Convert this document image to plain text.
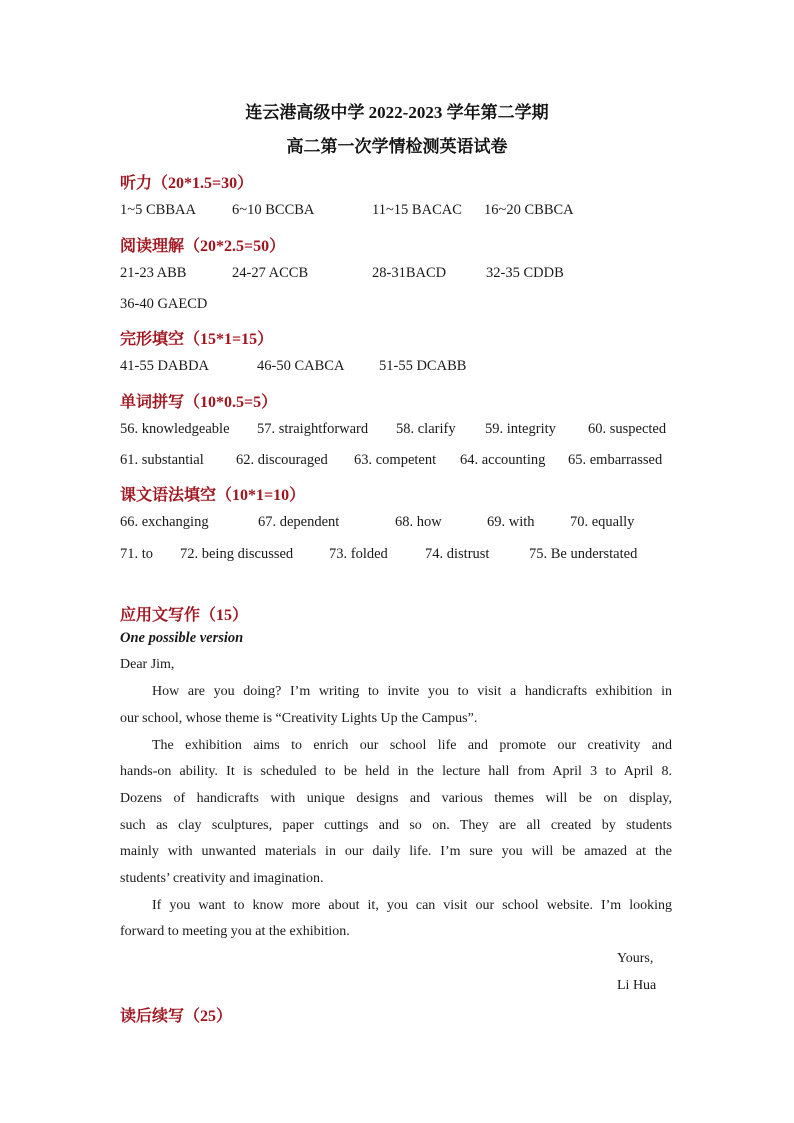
连云港高级中学 2022-2023 学年第二学期
高二第一次学情检测英语试卷
听力（20*1.5=30）
1~5 CBBAA 6~10 BCCBA	11~15 BACAC 16~20 CBBCA
阅读理解（20*2.5=50）
21-23 ABB	24-27 ACCB	28-31BACD	32-35 CDDB
36-40 GAECD
完形填空（15*1=15）
41-55 DABDA	46-50 CABCA 51-55 DCABB
单词拼写（10*0.5=5）
56. knowledgeable 57. straightforward 58. clarify 59. integrity 60. suspected
61. substantial 62. discouraged 63. competent 64. accounting 65. embarrassed
课文语法填空（10*1=10）
66. exchanging	67. dependent	68. how	69. with 70. equally
71. to 72. being discussed 73. folded	74. distrust	75. Be understated
应用文写作（15）
One possible version
Dear Jim,
How are you doing? I’m writing to invite you to visit a handicrafts exhibition in
our school, whose theme is “Creativity Lights Up the Campus”.
The exhibition aims to enrich our school life and promote our creativity and
hands-on ability. It is scheduled to be held in the lecture hall from April 3 to April 8.
Dozens of handicrafts with unique designs and various themes will be on display,
such as clay sculptures, paper cuttings and so on. They are all created by students
mainly with unwanted materials in our daily life. I’m sure you will be amazed at the
students’ creativity and imagination.
If you want to know more about it, you can visit our school website. I’m looking
forward to meeting you at the exhibition.
Yours,
Li Hua
读后续写（25）
